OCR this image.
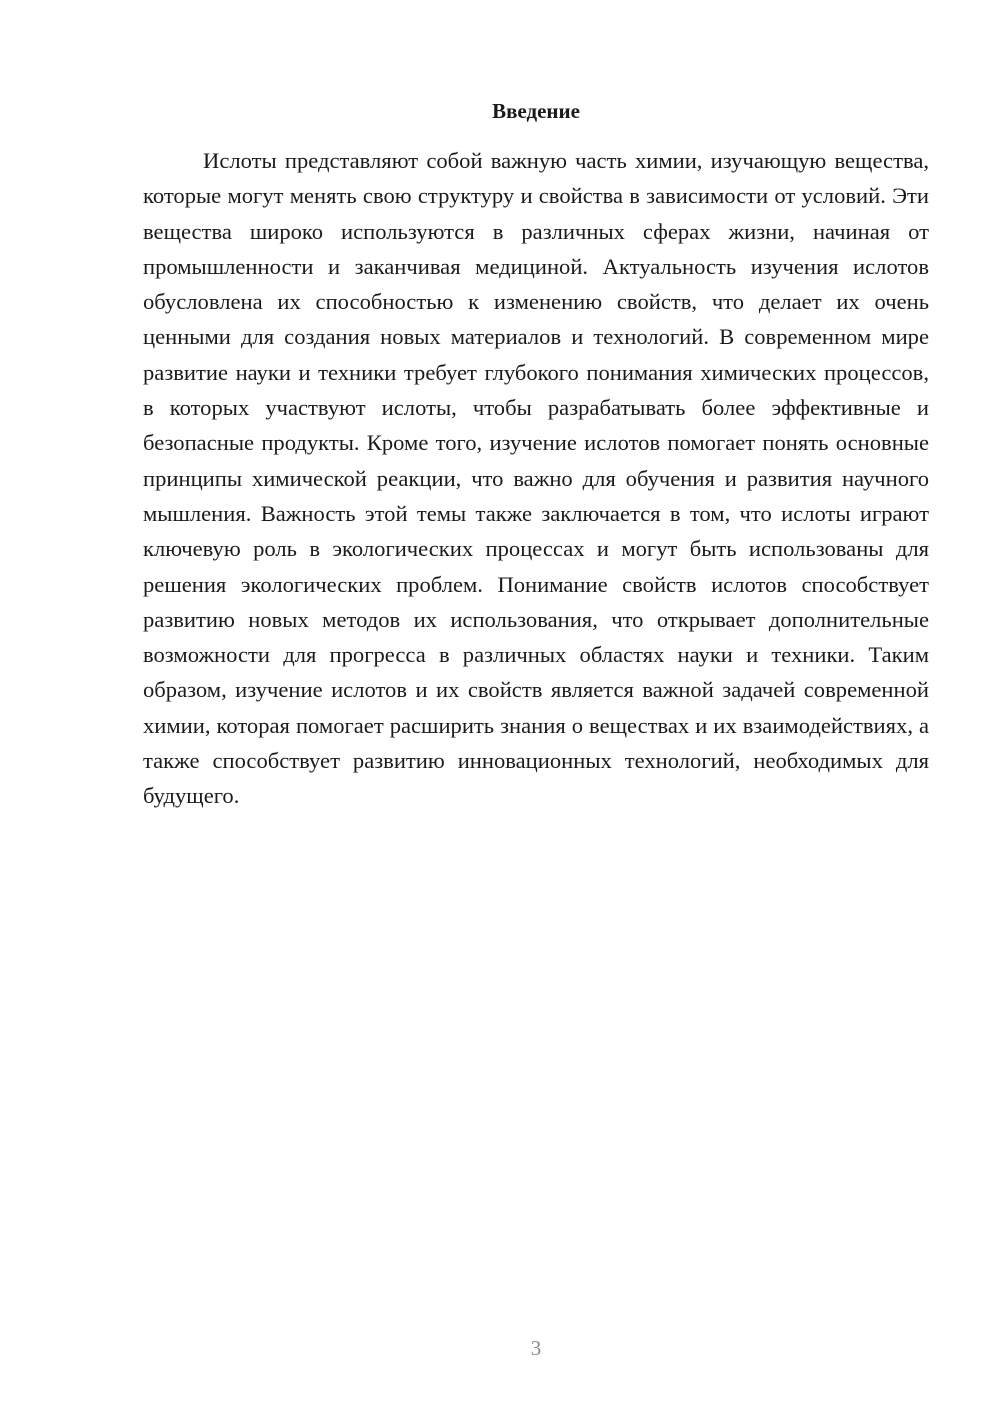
Введение

Ислоты представляют собой важную часть химии, изучающую вещества, которые могут менять свою структуру и свойства в зависимости от условий. Эти вещества широко используются в различных сферах жизни, начиная от промышленности и заканчивая медициной. Актуальность изучения ислотов обусловлена их способностью к изменению свойств, что делает их очень ценными для создания новых материалов и технологий. В современном мире развитие науки и техники требует глубокого понимания химических процессов, в которых участвуют ислоты, чтобы разрабатывать более эффективные и безопасные продукты. Кроме того, изучение ислотов помогает понять основные принципы химической реакции, что важно для обучения и развития научного мышления. Важность этой темы также заключается в том, что ислоты играют ключевую роль в экологических процессах и могут быть использованы для решения экологических проблем. Понимание свойств ислотов способствует развитию новых методов их использования, что открывает дополнительные возможности для прогресса в различных областях науки и техники. Таким образом, изучение ислотов и их свойств является важной задачей современной химии, которая помогает расширить знания о веществах и их взаимодействиях, а также способствует развитию инновационных технологий, необходимых для будущего.

3
